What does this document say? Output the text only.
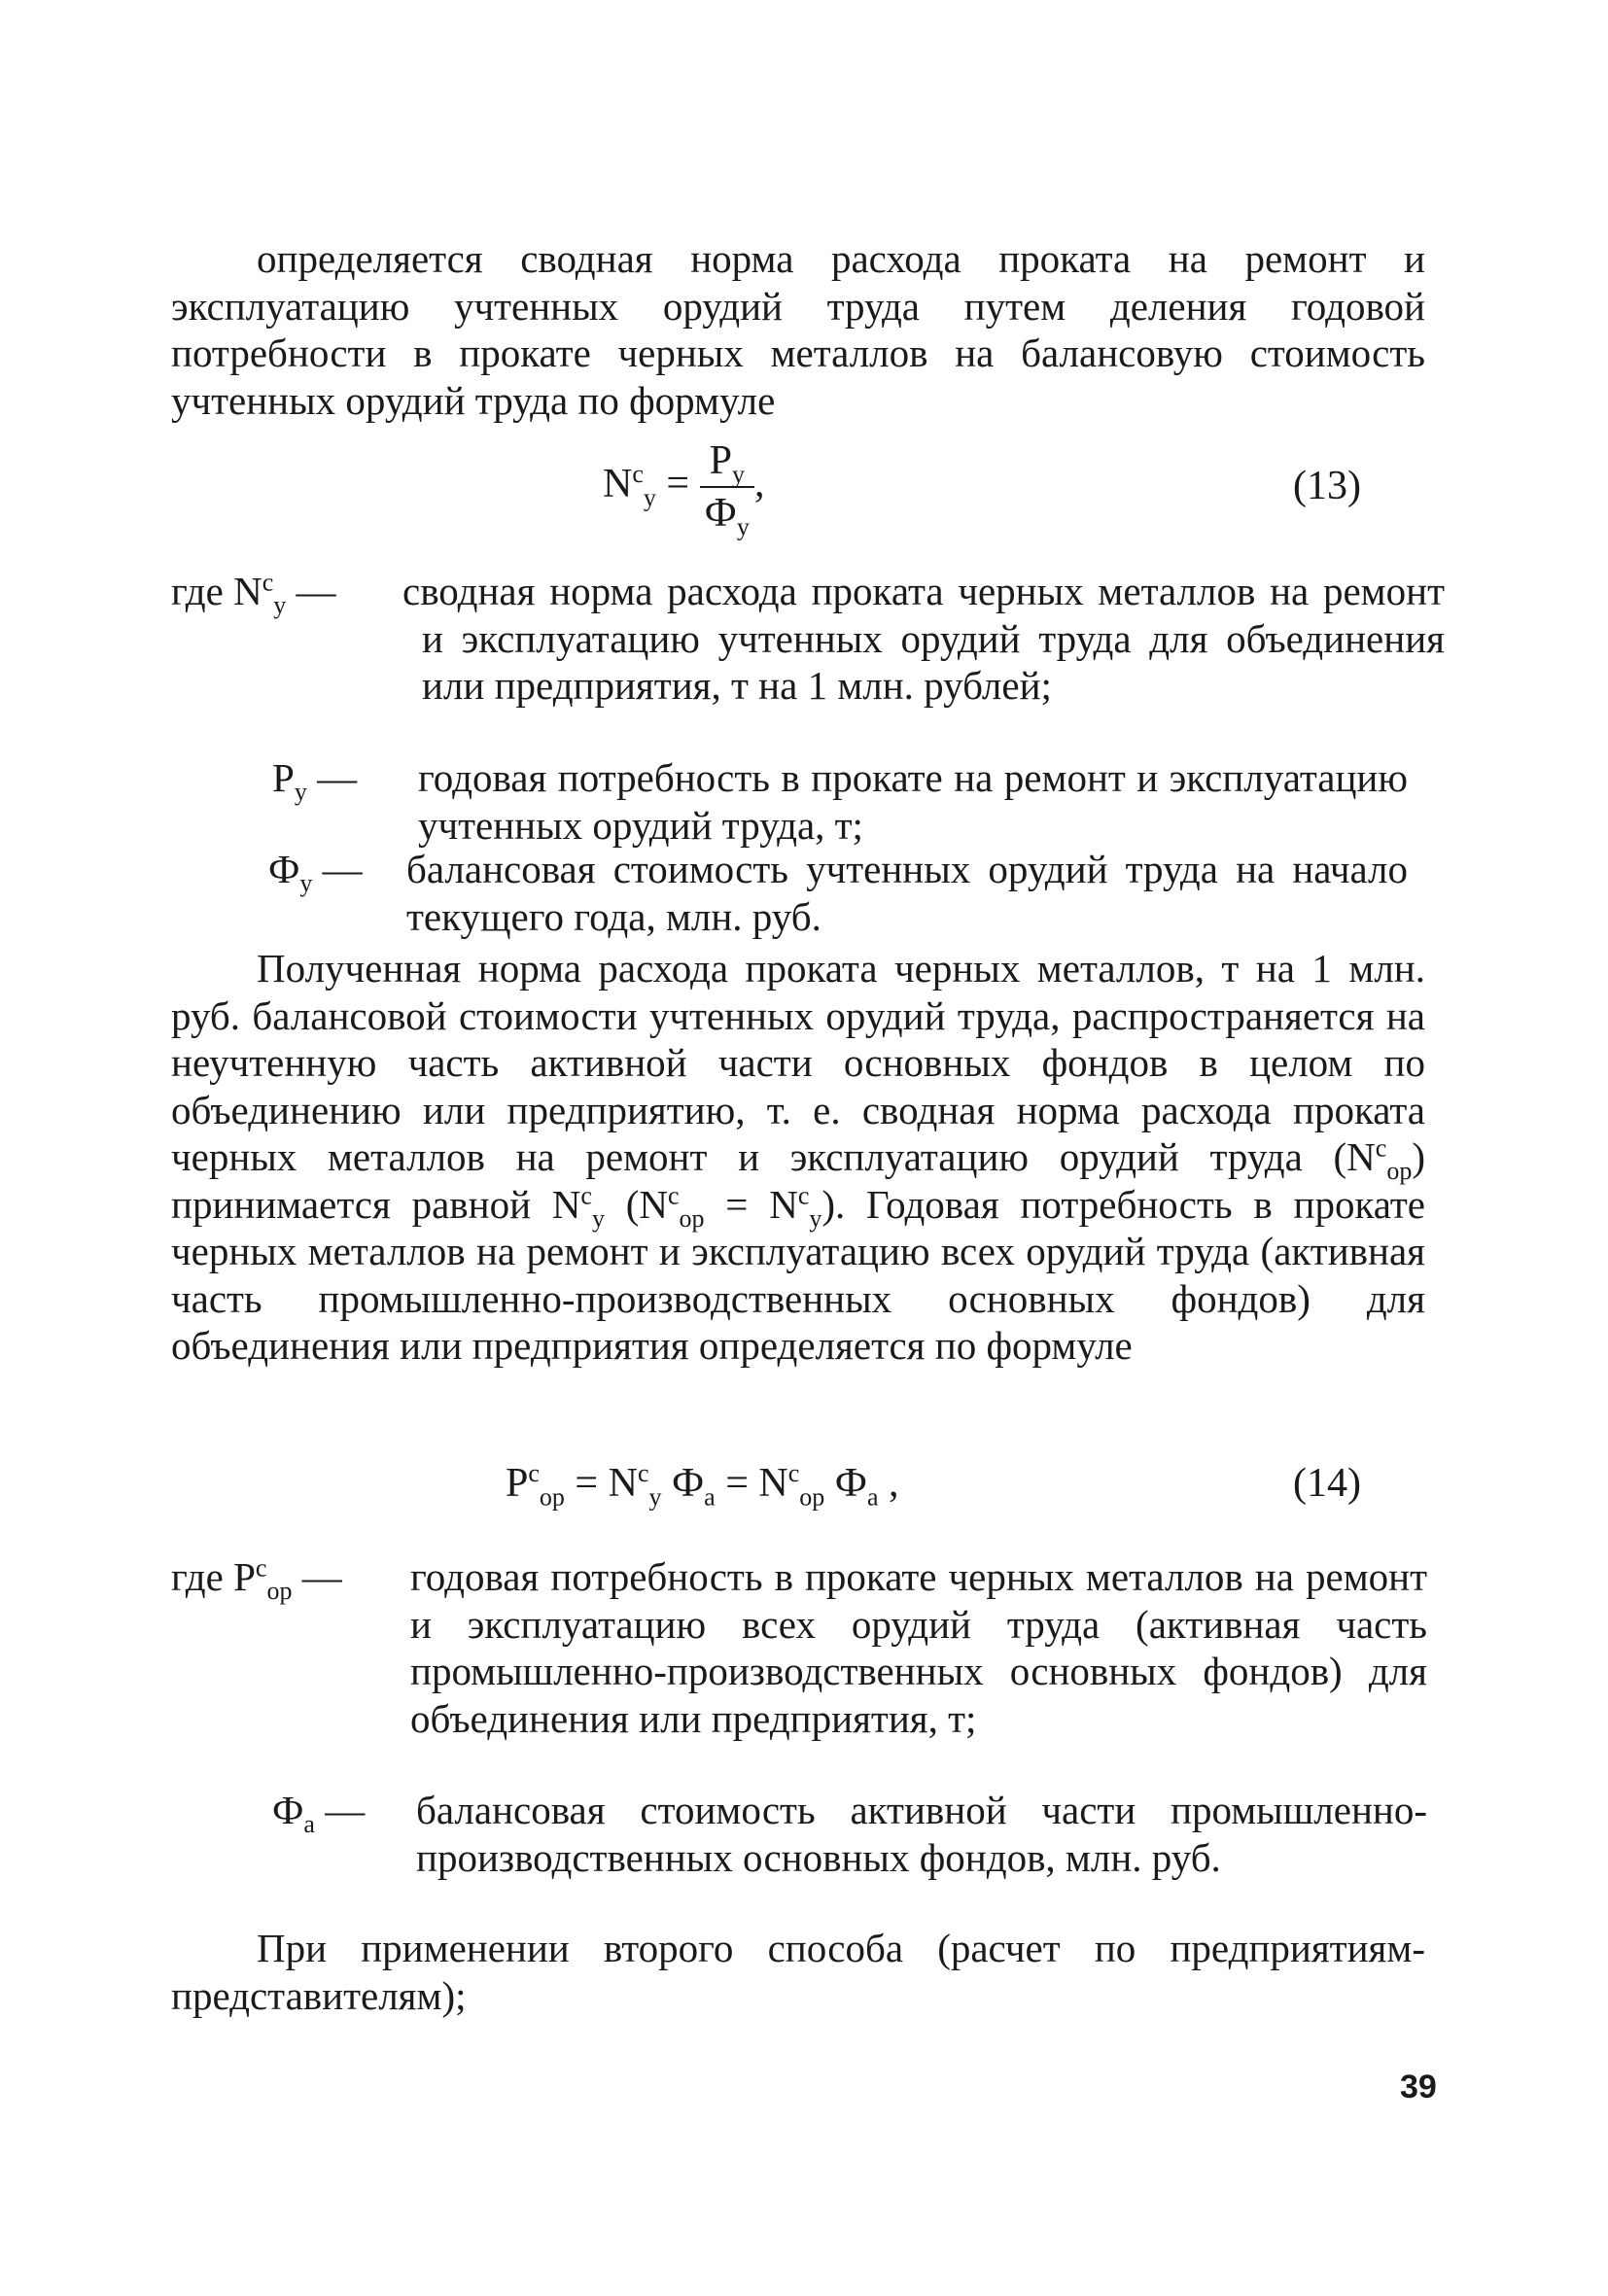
определяется сводная норма расхода проката на ремонт и эксплуатацию учтенных орудий труда путем деления годовой потребности в прокате черных металлов на балансовую стоимость учтенных орудий труда по формуле

$N^c_у = \frac{P_у}{Ф_у}$ ,	(13)
где $N^c_у$ — сводная норма расхода проката черных металлов на ремонт и эксплуатацию учтенных орудий труда для объединения или предприятия, т на 1 млн. рублей;
$P_у$ — годовая потребность в прокате на ремонт и эксплуатацию учтенных орудий труда, т;
$Ф_у$ — балансовая стоимость учтенных орудий труда на начало текущего года, млн. руб.

Полученная норма расхода проката черных металлов, т на 1 млн. руб. балансовой стоимости учтенных орудий труда, распространяется на неучтенную часть активной части основных фондов в целом по объединению или предприятию, т. е. сводная норма расхода проката черных металлов на ремонт и эксплуатацию орудий труда $(N^c_{ор})$ принимается равной $N^c_у$ $(N^c_{ор} = N^c_у)$. Годовая потребность в прокате черных металлов на ремонт и эксплуатацию всех орудий труда (активная часть промышленно-производственных основных фондов) для объединения или предприятия определяется по формуле

$P^c_{ор} = N^c_у$ $Ф_а = N^c_{ор}$ $Ф_а$ ,	(14)
где $P^c_{ор}$ — годовая потребность в прокате черных металлов на ремонт и эксплуатацию всех орудий труда (активная часть промышленно-производственных основных фондов) для объединения или предприятия, т;
$Ф_а$ — балансовая стоимость активной части промышленно-производственных основных фондов, млн. руб.

При применении второго способа (расчет по предприятиям-представителям);

39
